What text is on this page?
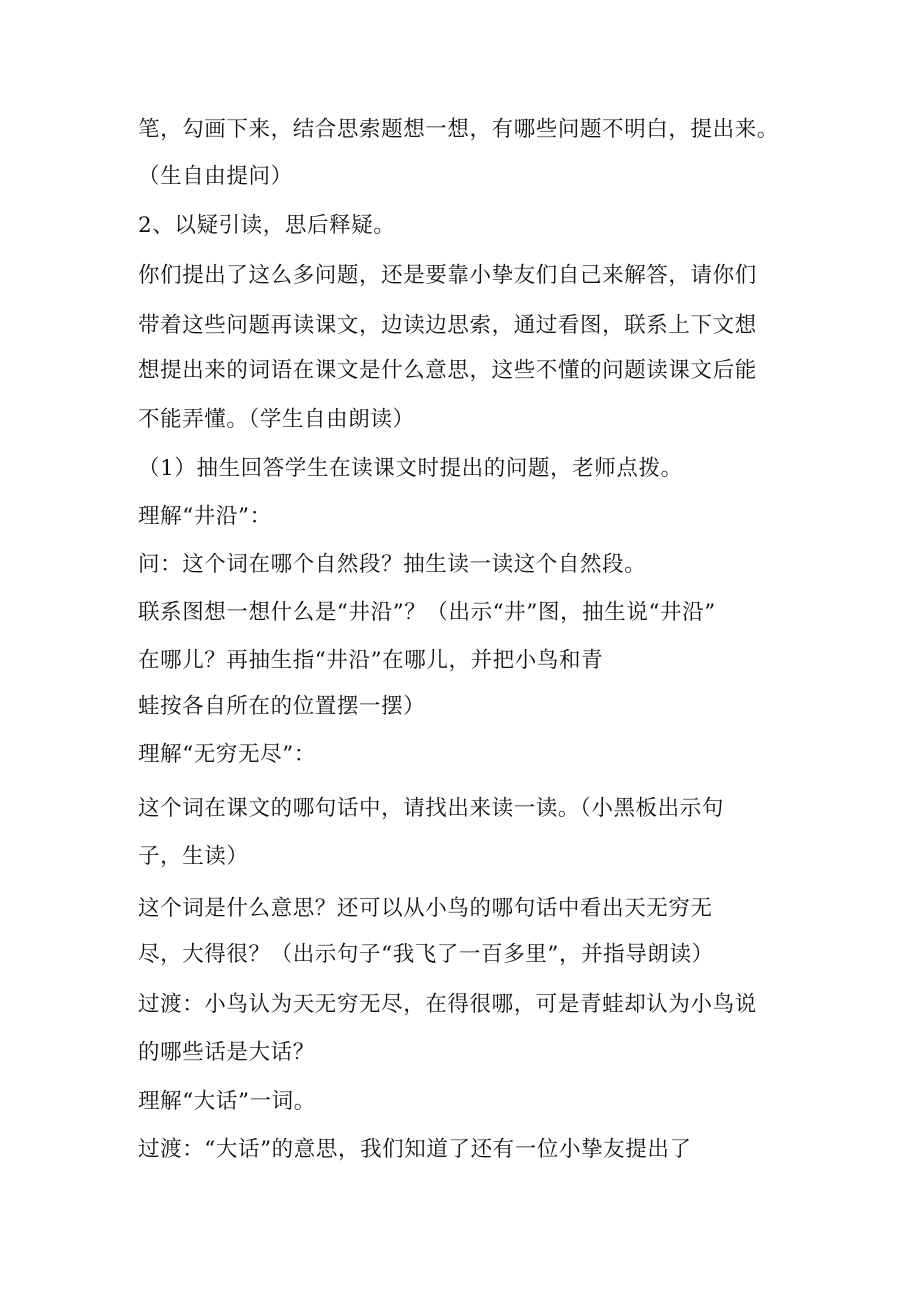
笔，勾画下来，结合思索题想一想，有哪些问题不明白，提出来。

（生自由提问）

2、以疑引读，思后释疑。

你们提出了这么多问题，还是要靠小挚友们自己来解答，请你们

带着这些问题再读课文，边读边思索，通过看图，联系上下文想

想提出来的词语在课文是什么意思，这些不懂的问题读课文后能

不能弄懂。（学生自由朗读）

（1）抽生回答学生在读课文时提出的问题，老师点拨。

理解“井沿”：

问：这个词在哪个自然段？抽生读一读这个自然段。

联系图想一想什么是“井沿”？（出示“井”图，抽生说“井沿”

在哪儿？再抽生指“井沿”在哪儿，并把小鸟和青

蛙按各自所在的位置摆一摆）

理解“无穷无尽”：

这个词在课文的哪句话中，请找出来读一读。（小黑板出示句

子，生读）

这个词是什么意思？还可以从小鸟的哪句话中看出天无穷无

尽，大得很？（出示句子“我飞了一百多里”，并指导朗读）

过渡：小鸟认为天无穷无尽，在得很哪，可是青蛙却认为小鸟说

的哪些话是大话？

理解“大话”一词。

过渡：“大话”的意思，我们知道了还有一位小挚友提出了
